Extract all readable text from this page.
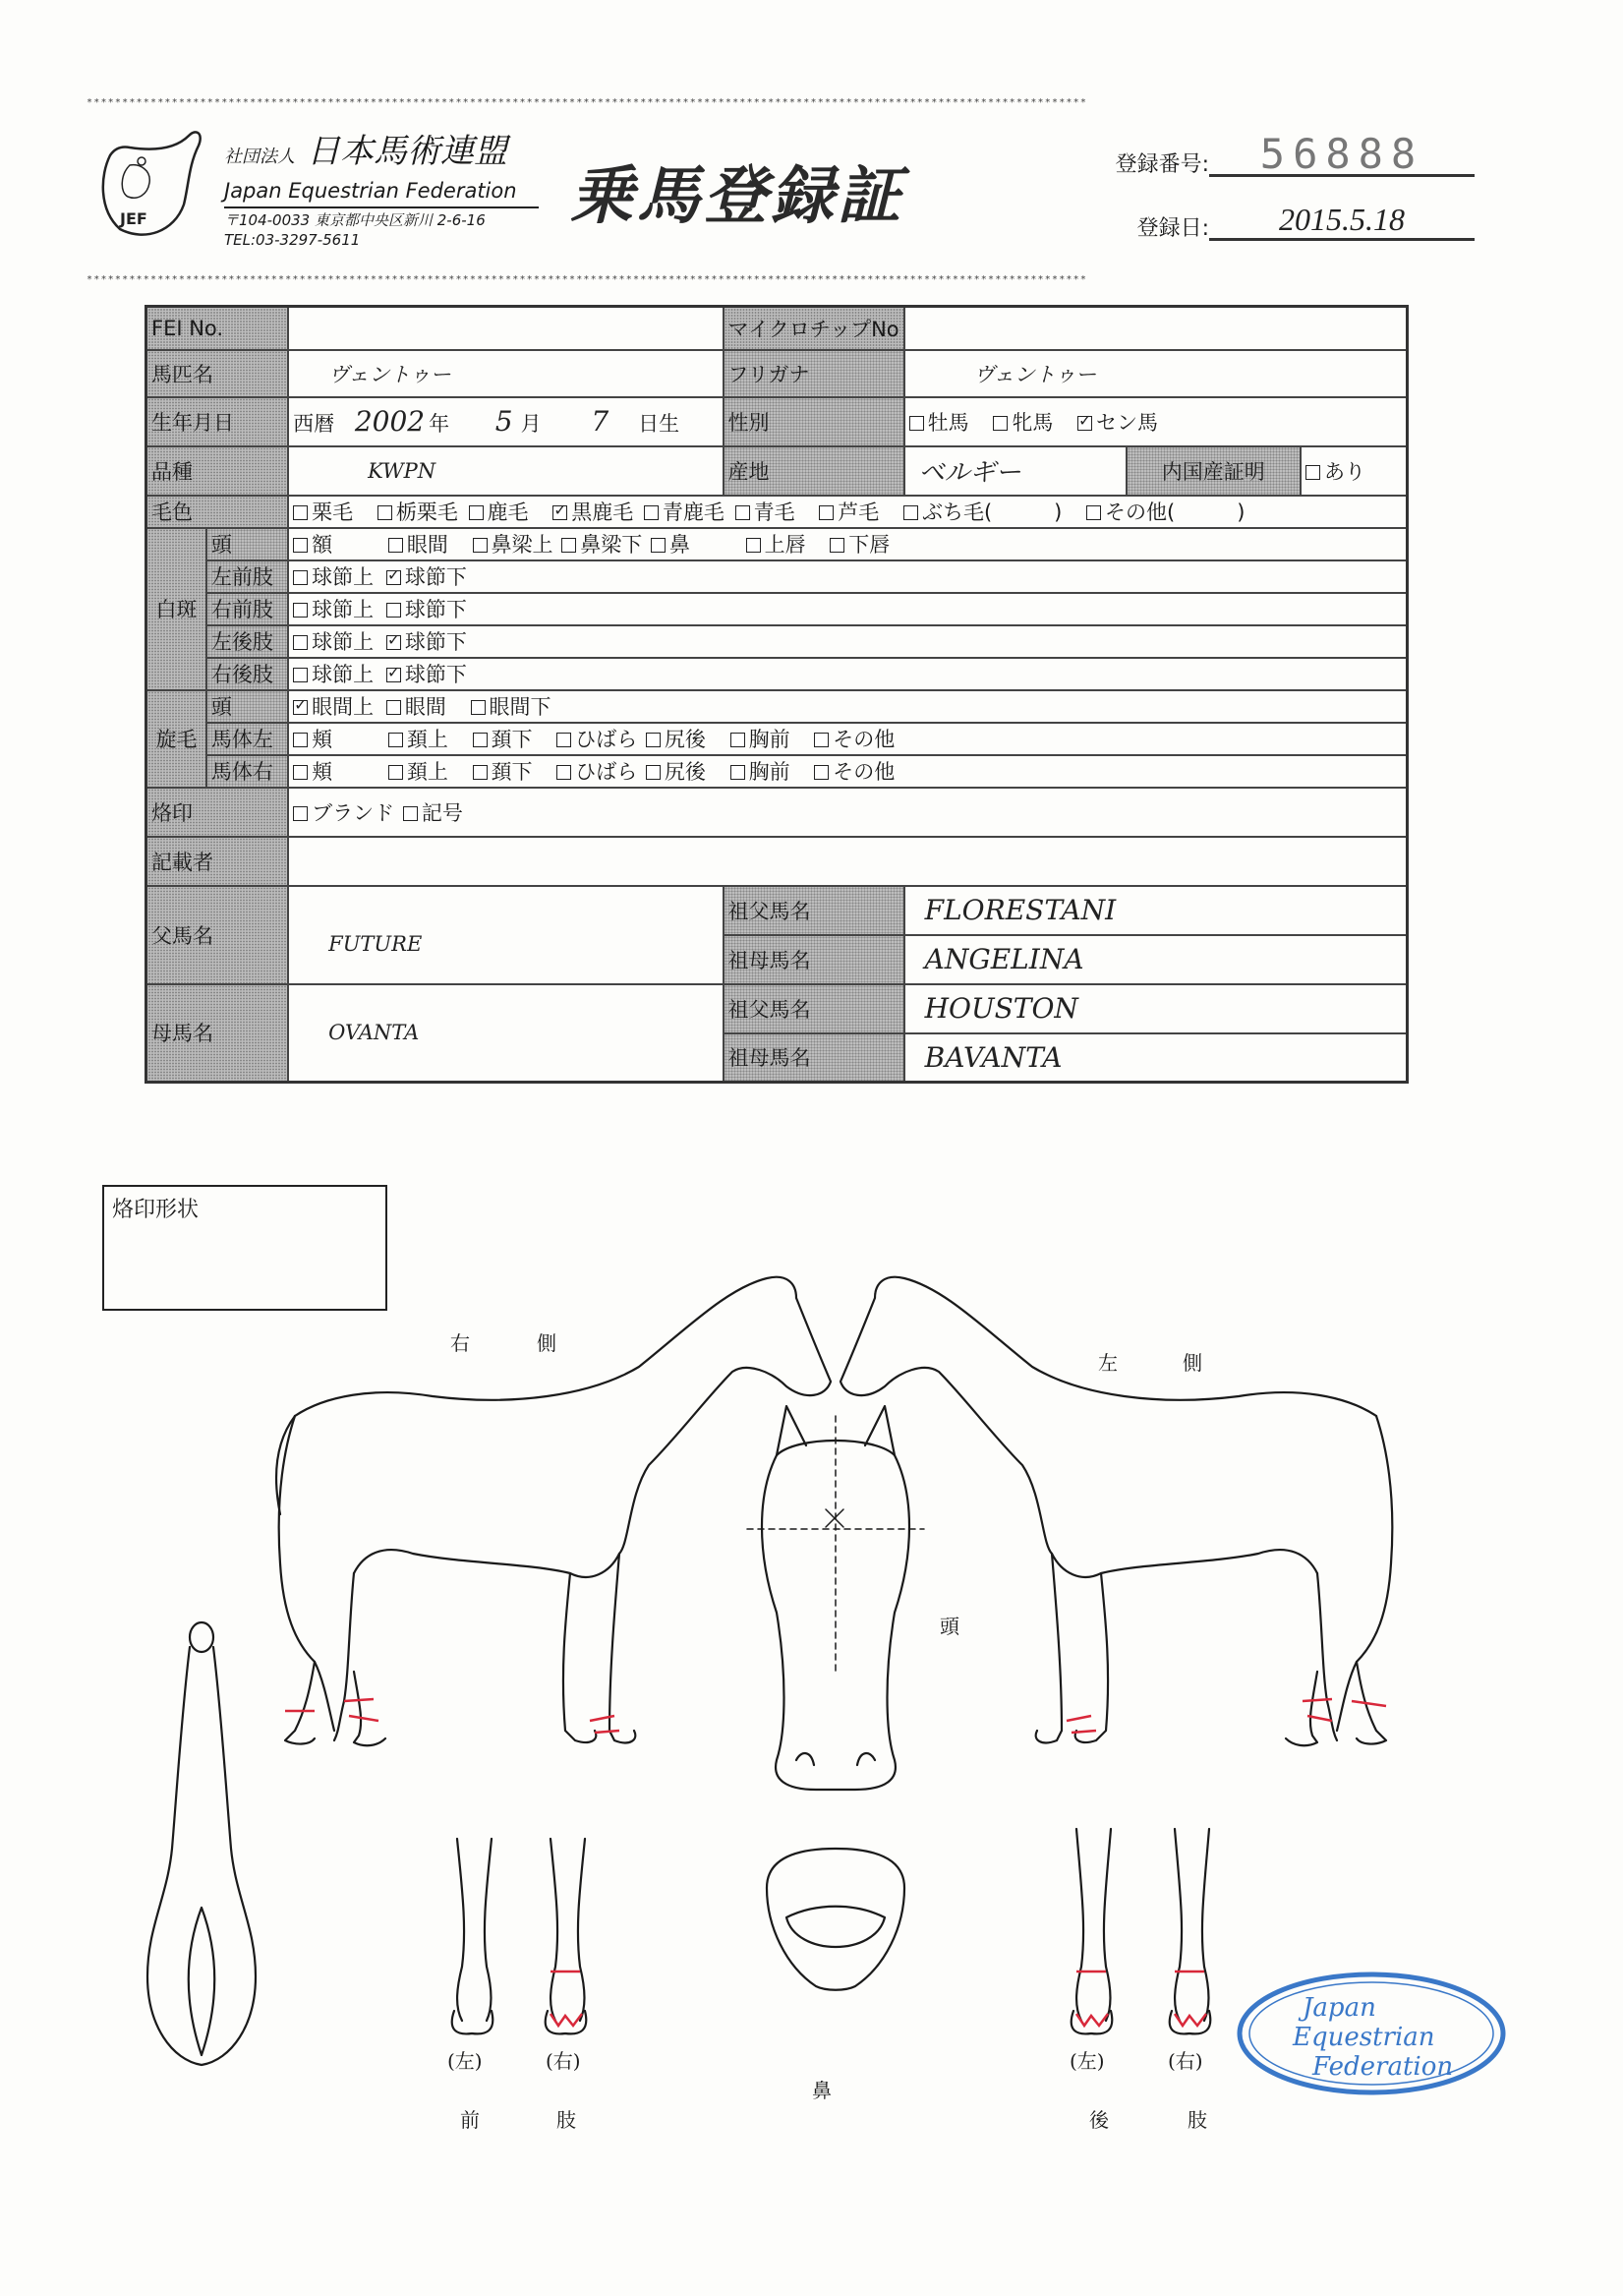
*********************************************************************************************************************************************
*********************************************************************************************************************************************
JEF
社団法人 日本馬術連盟
Japan Equestrian Federation
〒104-0033 東京都中央区新川 2-6-16
TEL:03-3297-5611
乗馬登録証	登録番号:	56888
登録日:	2015.5.18
FEI No.			マイクロチップNo			
馬匹名		ヴェントゥー	フリガナ	ヴェントゥー		
生年月日		西暦 2002 年 5 月 7 日生	性別	牡馬 牝馬 ✓ セン馬
品種		KWPN	産地	ベルギー	内国産証明	あり
毛色		栗毛 栃栗毛 鹿毛 ✓ 黒鹿毛 青鹿毛 青毛 芦毛 ぶち毛(　　　) その他(　　　)
白斑	頭	額 眼間 鼻梁上 鼻梁下 鼻 上唇 下唇				
	左前肢	球節上 ✓ 球節下
	右前肢	球節上 球節下				
	左後肢	球節上 ✓ 球節下
	右後肢	球節上 ✓ 球節下
旋毛	頭	✓眼間上 眼間 眼間下
	馬体左	頬 頚上 頚下 ひばら 尻後 胸前 その他				
	馬体右	頬 頚上 頚下 ひばら 尻後 胸前 その他				
烙印		ブランド 記号				
記載者						
父馬名		FUTURE	祖父馬名	FLORESTANI		
			祖母馬名	ANGELINA		
母馬名		OVANTA	祖父馬名	HOUSTON		
			祖母馬名	BAVANTA		
烙印形状
右	側
左	側
頭
鼻
(左)	(右)
前	肢
(左)	(右)
後	肢
Japan
Equestrian
Federation
